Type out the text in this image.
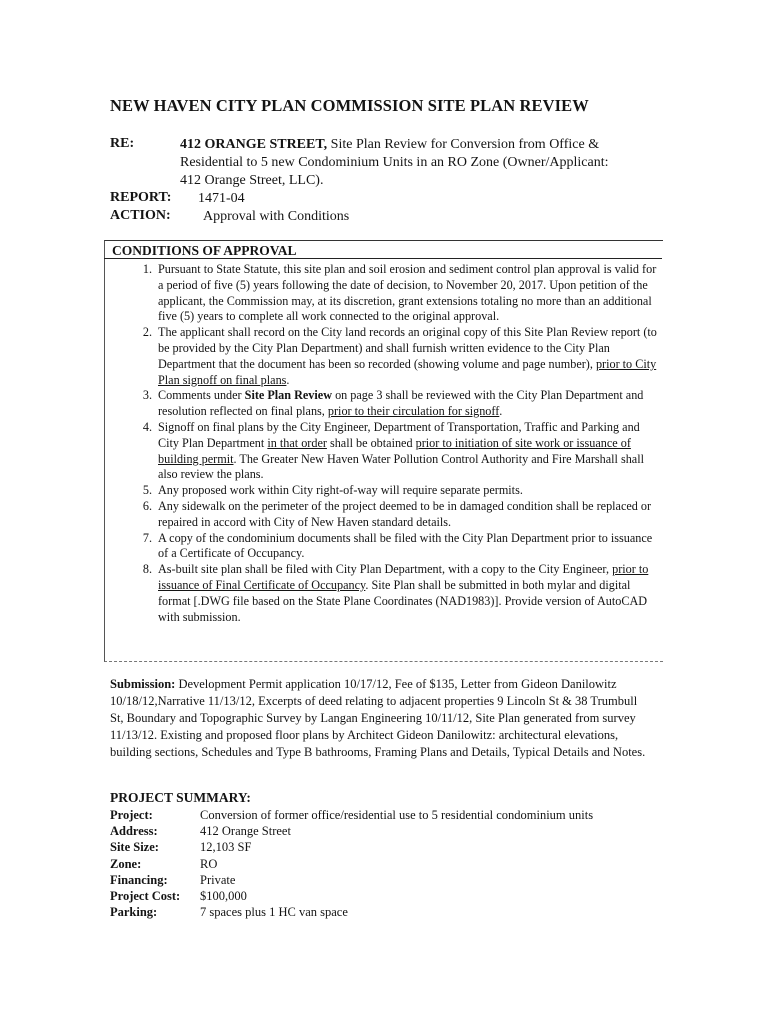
NEW HAVEN CITY PLAN COMMISSION SITE PLAN REVIEW
RE:	412 ORANGE STREET, Site Plan Review for Conversion from Office &
Residential to 5 new Condominium Units in an RO Zone (Owner/Applicant:
412 Orange Street, LLC).
REPORT: 1471-04
ACTION: Approval with Conditions
CONDITIONS OF APPROVAL
1. Pursuant to State Statute, this site plan and soil erosion and sediment control plan approval is valid for a period of five (5) years following the date of decision, to November 20, 2017. Upon petition of the applicant, the Commission may, at its discretion, grant extensions totaling no more than an additional five (5) years to complete all work connected to the original approval.
2. The applicant shall record on the City land records an original copy of this Site Plan Review report (to be provided by the City Plan Department) and shall furnish written evidence to the City Plan Department that the document has been so recorded (showing volume and page number), prior to City Plan signoff on final plans.
3. Comments under Site Plan Review on page 3 shall be reviewed with the City Plan Department and resolution reflected on final plans, prior to their circulation for signoff.
4. Signoff on final plans by the City Engineer, Department of Transportation, Traffic and Parking and City Plan Department in that order shall be obtained prior to initiation of site work or issuance of building permit. The Greater New Haven Water Pollution Control Authority and Fire Marshall shall also review the plans.
5. Any proposed work within City right-of-way will require separate permits.
6. Any sidewalk on the perimeter of the project deemed to be in damaged condition shall be replaced or repaired in accord with City of New Haven standard details.
7. A copy of the condominium documents shall be filed with the City Plan Department prior to issuance of a Certificate of Occupancy.
8. As-built site plan shall be filed with City Plan Department, with a copy to the City Engineer, prior to issuance of Final Certificate of Occupancy. Site Plan shall be submitted in both mylar and digital format [.DWG file based on the State Plane Coordinates (NAD1983)]. Provide version of AutoCAD with submission.
Submission: Development Permit application 10/17/12, Fee of $135, Letter from Gideon Danilowitz 10/18/12,Narrative 11/13/12, Excerpts of deed relating to adjacent properties 9 Lincoln St & 38 Trumbull St, Boundary and Topographic Survey by Langan Engineering 10/11/12, Site Plan generated from survey 11/13/12. Existing and proposed floor plans by Architect Gideon Danilowitz: architectural elevations, building sections, Schedules and Type B bathrooms, Framing Plans and Details, Typical Details and Notes.
PROJECT SUMMARY:
Project:	Conversion of former office/residential use to 5 residential condominium units
Address:	412 Orange Street
Site Size:	12,103 SF
Zone:	RO
Financing:	Private
Project Cost: $100,000
Parking:	7 spaces plus 1 HC van space
